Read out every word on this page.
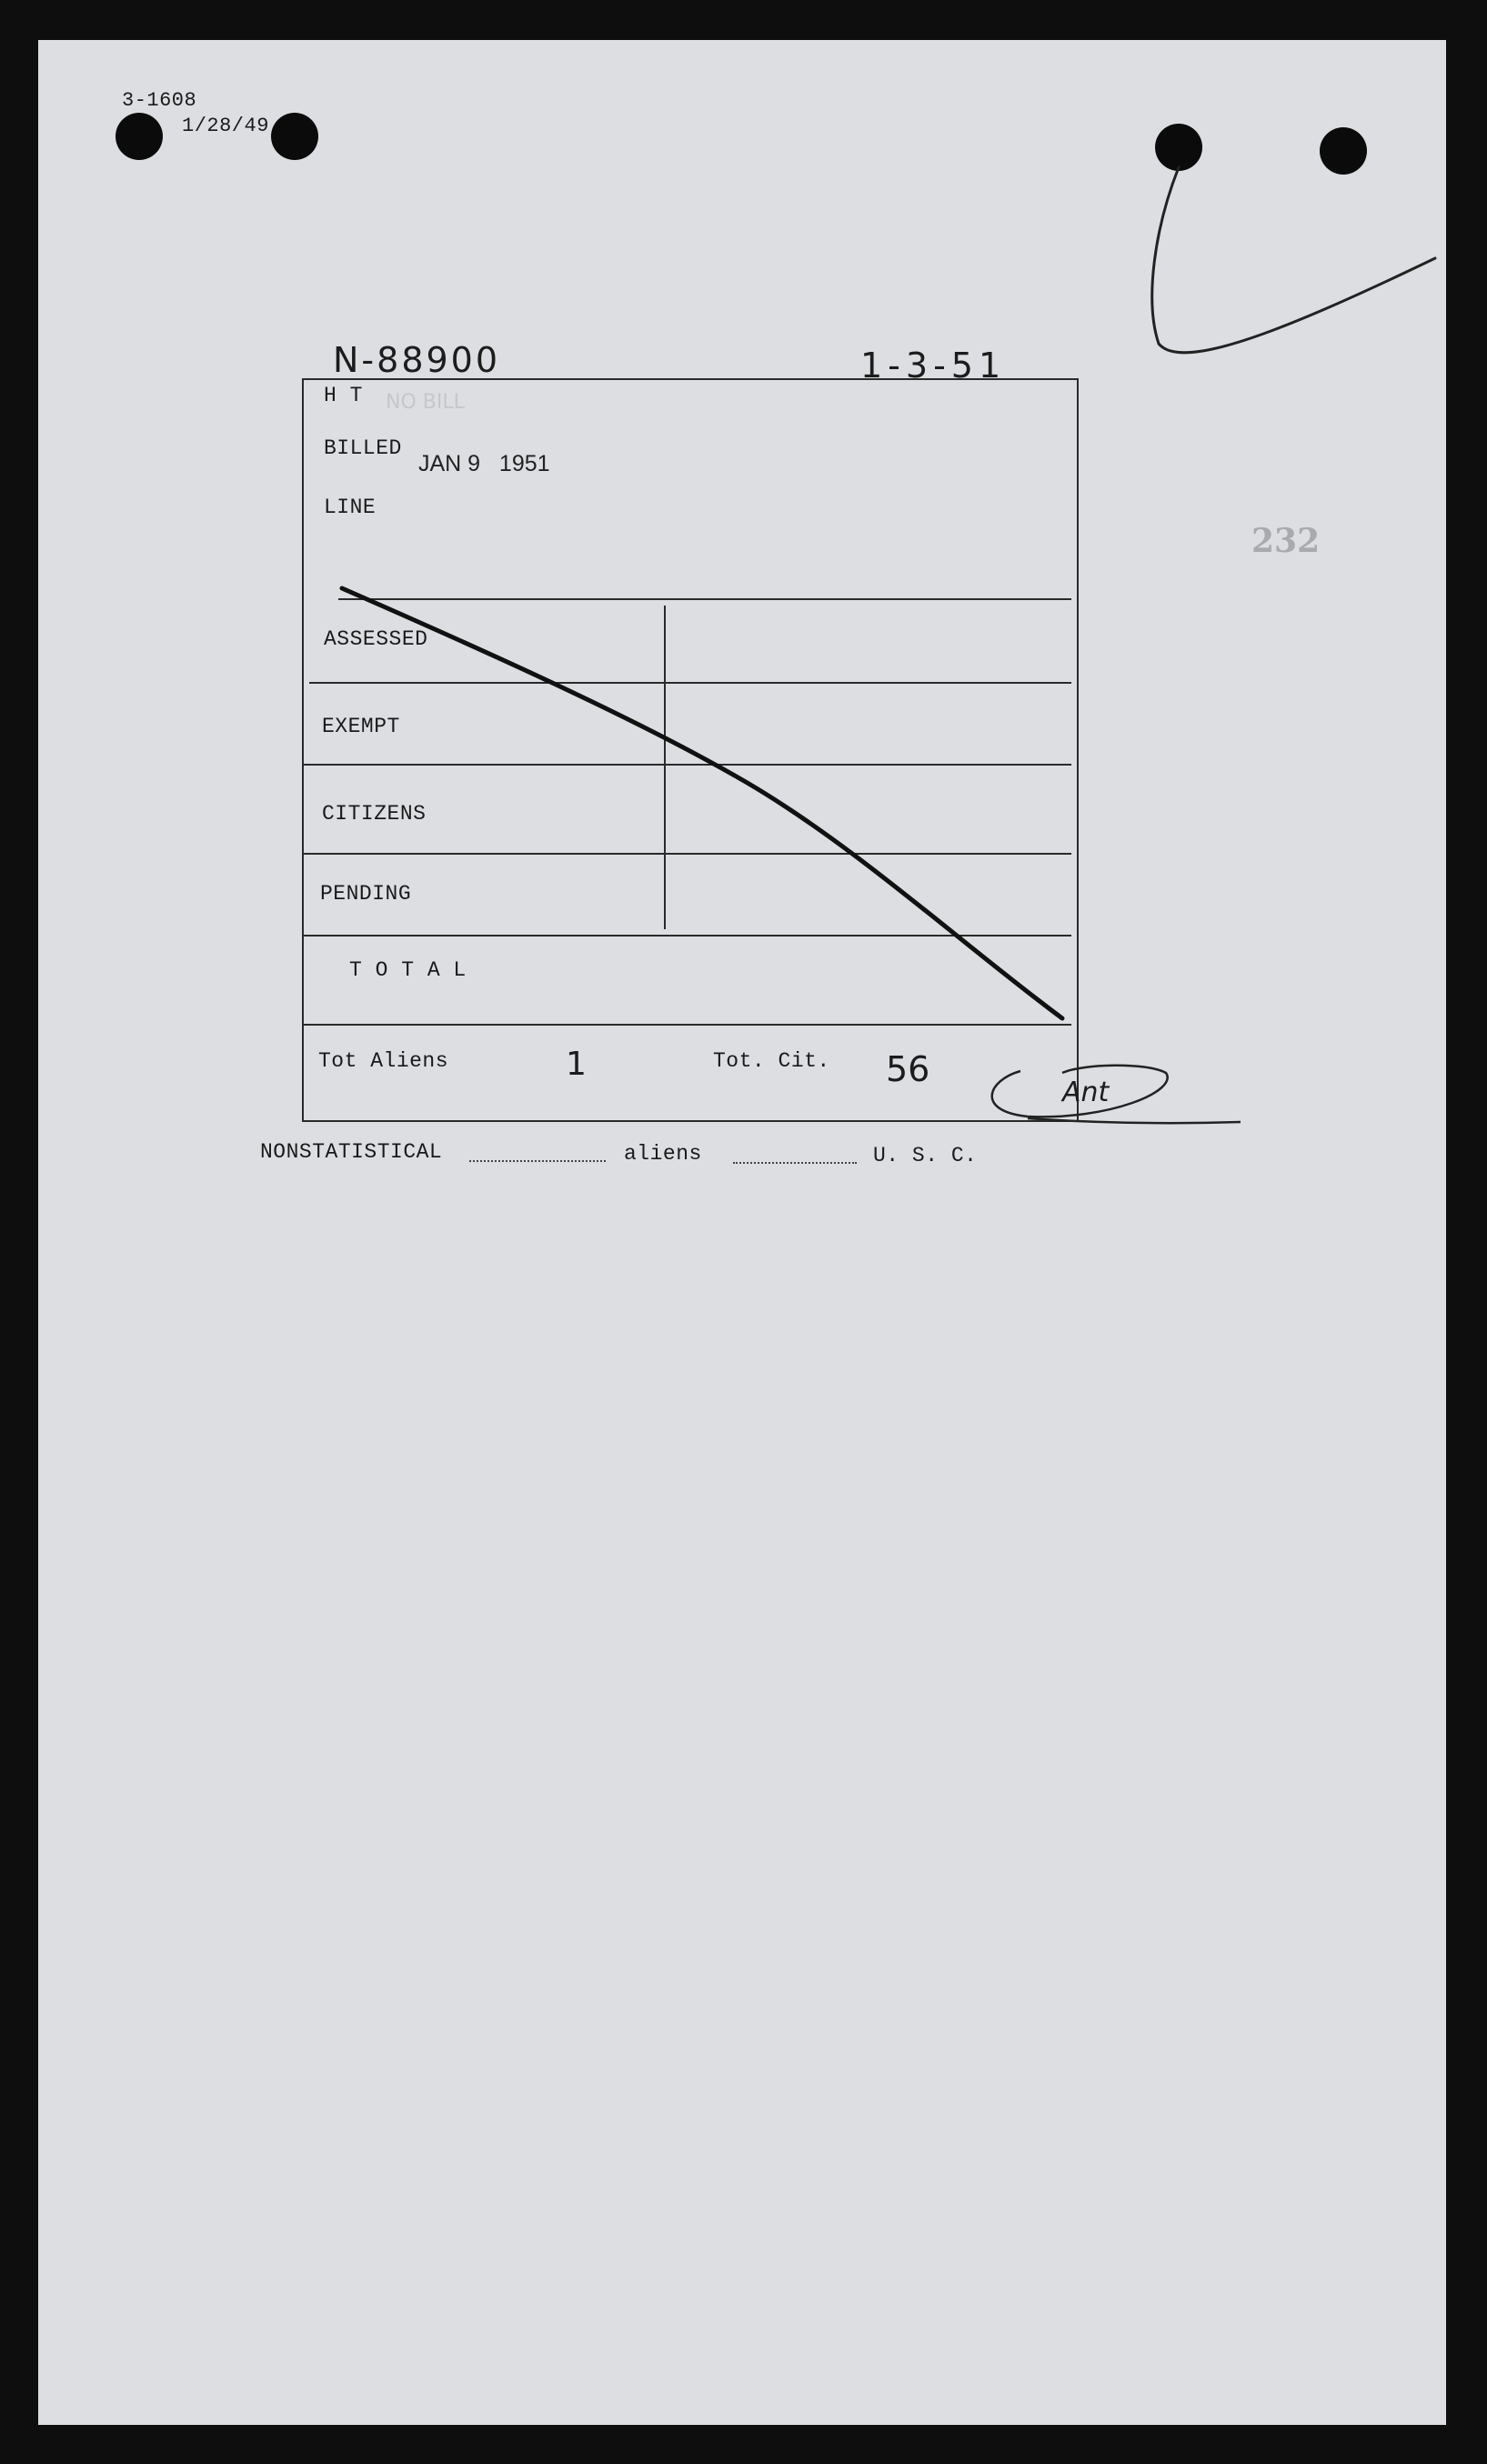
3-1608
1/28/49
N-88900	1-3-51
232
H T NO BILL
BILLED
JAN 9   1951
LINE
ASSESSED
EXEMPT
CITIZENS
PENDING
T O T A L
Tot Aliens	1	Tot. Cit. 56
Ant
NONSTATISTICAL	aliens	U. S. C.
